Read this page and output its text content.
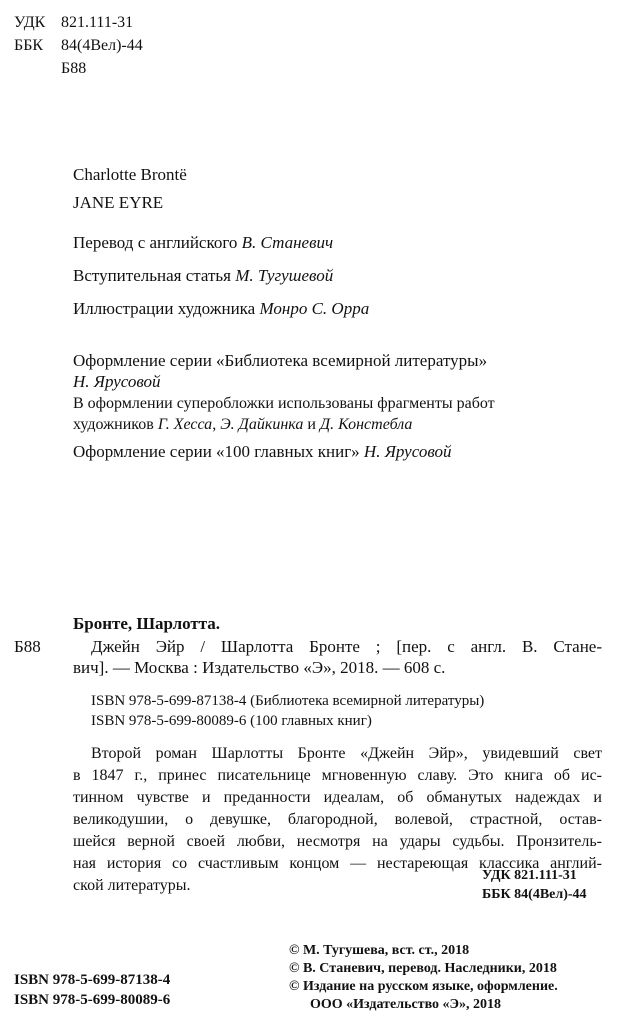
УДК 821.111-31
ББК 84(4Вел)-44
Б88
Charlotte Brontë
JANE EYRE
Перевод с английского В. Станевич
Вступительная статья М. Тугушевой
Иллюстрации художника Монро С. Орра
Оформление серии «Библиотека всемирной литературы»
Н. Ярусовой
В оформлении суперобложки использованы фрагменты работ
художников Г. Хесса, Э. Дайкинка и Д. Констебла
Оформление серии «100 главных книг» Н. Ярусовой
Бронте, Шарлотта.
Б88	Джейн Эйр / Шарлотта Бронте ; [пер. с англ. В. Стане-
вич]. — Москва : Издательство «Э», 2018. — 608 с.
ISBN 978-5-699-87138-4 (Библиотека всемирной литературы)
ISBN 978-5-699-80089-6 (100 главных книг)
Второй роман Шарлотты Бронте «Джейн Эйр», увидевший свет
в 1847 г., принес писательнице мгновенную славу. Это книга об ис-
тинном чувстве и преданности идеалам, об обманутых надеждах и
великодушии, о девушке, благородной, волевой, страстной, остав-
шейся верной своей любви, несмотря на удары судьбы. Пронзитель-
ная история со счастливым концом — нестареющая классика англий-
ской литературы.
УДК 821.111-31
ББК 84(4Вел)-44
ISBN 978-5-699-87138-4
ISBN 978-5-699-80089-6
© М. Тугушева, вст. ст., 2018
© В. Станевич, перевод. Наследники, 2018
© Издание на русском языке, оформление.
ООО «Издательство «Э», 2018
